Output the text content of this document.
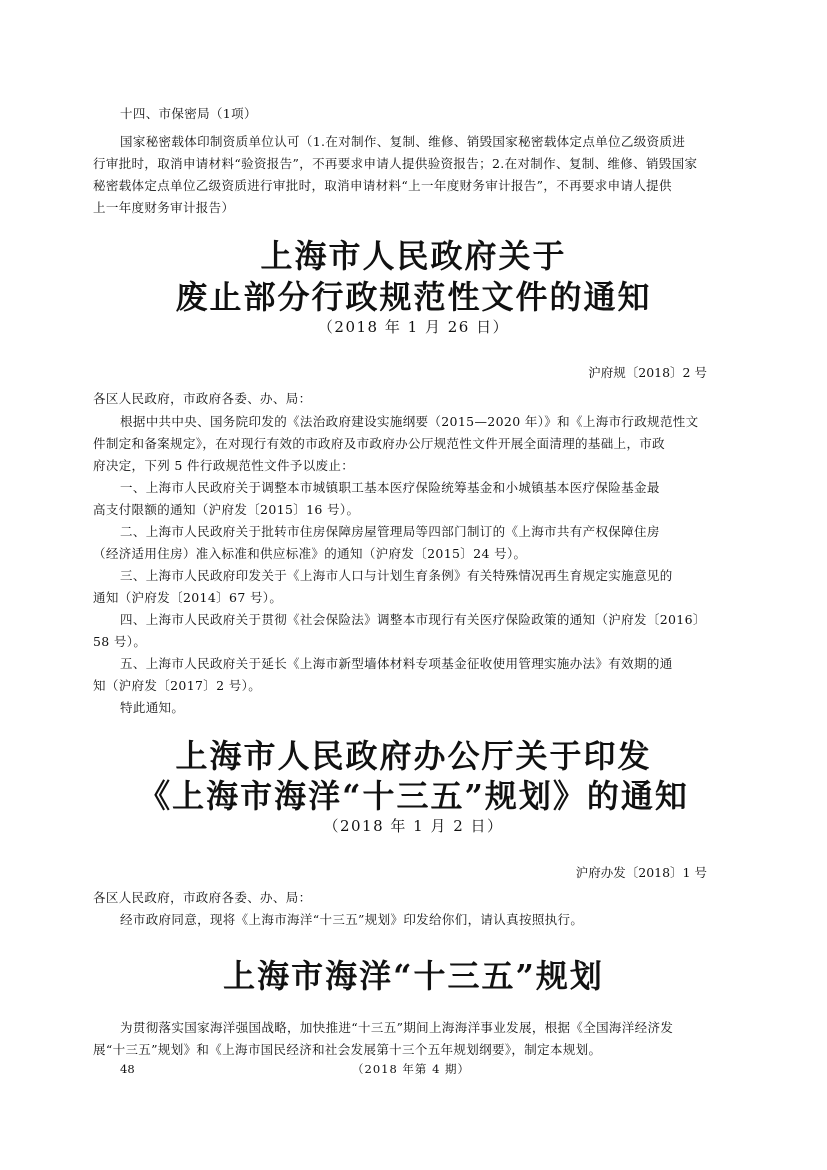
十四、市保密局（1项）
国家秘密载体印制资质单位认可（1.在对制作、复制、维修、销毁国家秘密载体定点单位乙级资质进
行审批时，取消申请材料“验资报告”，不再要求申请人提供验资报告；2.在对制作、复制、维修、销毁国家
秘密载体定点单位乙级资质进行审批时，取消申请材料“上一年度财务审计报告”，不再要求申请人提供
上一年度财务审计报告）
上海市人民政府关于
废止部分行政规范性文件的通知
（2018 年 1 月 26 日）
沪府规〔2018〕2 号
各区人民政府，市政府各委、办、局：
根据中共中央、国务院印发的《法治政府建设实施纲要（2015—2020 年）》和《上海市行政规范性文
件制定和备案规定》，在对现行有效的市政府及市政府办公厅规范性文件开展全面清理的基础上，市政
府决定，下列 5 件行政规范性文件予以废止：
一、上海市人民政府关于调整本市城镇职工基本医疗保险统筹基金和小城镇基本医疗保险基金最
高支付限额的通知（沪府发〔2015〕16 号）。
二、上海市人民政府关于批转市住房保障房屋管理局等四部门制订的《上海市共有产权保障住房
（经济适用住房）准入标准和供应标准》的通知（沪府发〔2015〕24 号）。
三、上海市人民政府印发关于《上海市人口与计划生育条例》有关特殊情况再生育规定实施意见的
通知（沪府发〔2014〕67 号）。
四、上海市人民政府关于贯彻《社会保险法》调整本市现行有关医疗保险政策的通知（沪府发〔2016〕
58 号）。
五、上海市人民政府关于延长《上海市新型墙体材料专项基金征收使用管理实施办法》有效期的通
知（沪府发〔2017〕2 号）。
特此通知。
上海市人民政府办公厅关于印发
《上海市海洋“十三五”规划》的通知
（2018 年 1 月 2 日）
沪府办发〔2018〕1 号
各区人民政府，市政府各委、办、局：
经市政府同意，现将《上海市海洋“十三五”规划》印发给你们，请认真按照执行。
上海市海洋“十三五”规划
为贯彻落实国家海洋强国战略，加快推进“十三五”期间上海海洋事业发展，根据《全国海洋经济发
展“十三五”规划》和《上海市国民经济和社会发展第十三个五年规划纲要》，制定本规划。
48	（2018 年第 4 期）
